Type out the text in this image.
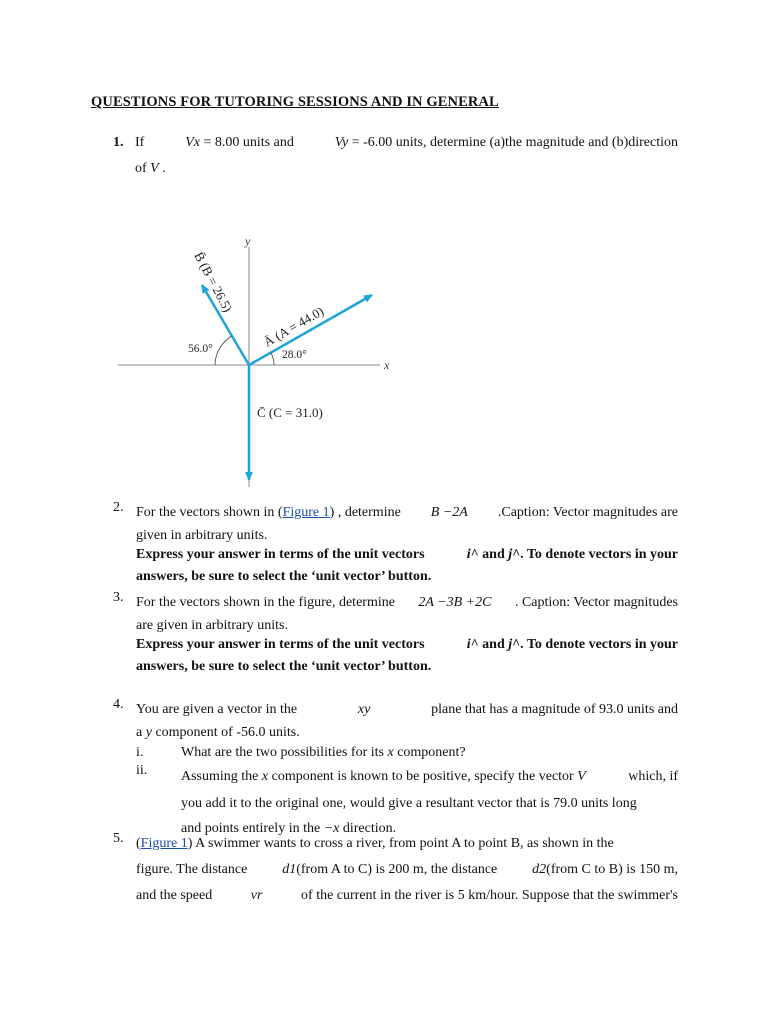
QUESTIONS FOR TUTORING SESSIONS AND IN GENERAL
1. If	Vx = 8.00 units and	Vy = -6.00 units, determine (a)the magnitude and (b)direction
of V .
x
y
28.0°
56.0°	Ā (A = 44.0)
B̄ (B = 26.5)
C̄ (C = 31.0)
2. For the vectors shown in (Figure 1) , determine B −2A .Caption: Vector magnitudes are
given in arbitrary units.
Express your answer in terms of the unit vectors	i^ and j^. To denote vectors in your
answers, be sure to select the ‘unit vector’ button.
3. For the vectors shown in the figure, determine 2A −3B +2C . Caption: Vector magnitudes
are given in arbitrary units.
Express your answer in terms of the unit vectors	i^ and j^. To denote vectors in your
answers, be sure to select the ‘unit vector’ button.
4. You are given a vector in the	xy	plane that has a magnitude of 93.0 units and
a y component of -56.0 units.
i.	What are the two possibilities for its x component?
ii. Assuming the x component is known to be positive, specify the vector V	which, if
you add it to the original one, would give a resultant vector that is 79.0 units long
and points entirely in the −x direction.
5. (Figure 1) A swimmer wants to cross a river, from point A to point B, as shown in the
figure. The distance d1(from A to C) is 200 m, the distance d2(from C to B) is 150 m,
and the speed	vr	of the current in the river is 5 km/hour. Suppose that the swimmer's
